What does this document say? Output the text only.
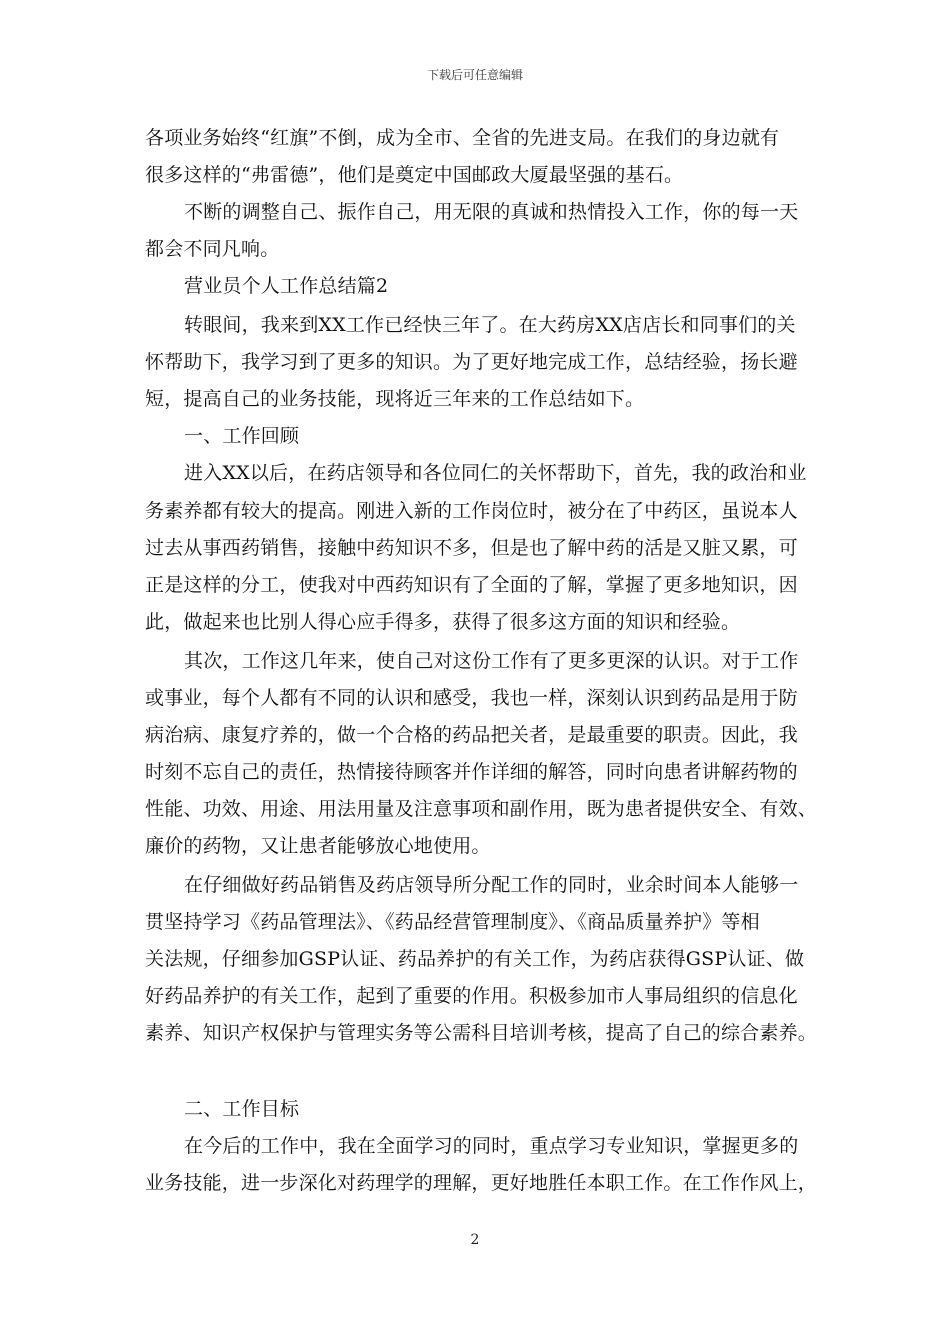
下载后可任意编辑
各项业务始终“红旗”不倒，成为全市、全省的先进支局。在我们的身边就有
很多这样的“弗雷德”，他们是奠定中国邮政大厦最坚强的基石。
不断的调整自己、振作自己，用无限的真诚和热情投入工作，你的每一天
都会不同凡响。
营业员个人工作总结篇2
转眼间，我来到XX工作已经快三年了。在大药房XX店店长和同事们的关
怀帮助下，我学习到了更多的知识。为了更好地完成工作，总结经验，扬长避
短，提高自己的业务技能，现将近三年来的工作总结如下。
一、工作回顾
进入XX以后，在药店领导和各位同仁的关怀帮助下，首先，我的政治和业
务素养都有较大的提高。刚进入新的工作岗位时，被分在了中药区，虽说本人
过去从事西药销售，接触中药知识不多，但是也了解中药的活是又脏又累，可
正是这样的分工，使我对中西药知识有了全面的了解，掌握了更多地知识，因
此，做起来也比别人得心应手得多，获得了很多这方面的知识和经验。
其次，工作这几年来，使自己对这份工作有了更多更深的认识。对于工作
或事业，每个人都有不同的认识和感受，我也一样，深刻认识到药品是用于防
病治病、康复疗养的，做一个合格的药品把关者，是最重要的职责。因此，我
时刻不忘自己的责任，热情接待顾客并作详细的解答，同时向患者讲解药物的
性能、功效、用途、用法用量及注意事项和副作用，既为患者提供安全、有效、
廉价的药物，又让患者能够放心地使用。
在仔细做好药品销售及药店领导所分配工作的同时，业余时间本人能够一
贯坚持学习《药品管理法》、《药品经营管理制度》、《商品质量养护》等相
关法规，仔细参加GSP认证、药品养护的有关工作，为药店获得GSP认证、做
好药品养护的有关工作，起到了重要的作用。积极参加市人事局组织的信息化
素养、知识产权保护与管理实务等公需科目培训考核，提高了自己的综合素养。
二、工作目标
在今后的工作中，我在全面学习的同时，重点学习专业知识，掌握更多的
业务技能，进一步深化对药理学的理解，更好地胜任本职工作。在工作作风上，
2
